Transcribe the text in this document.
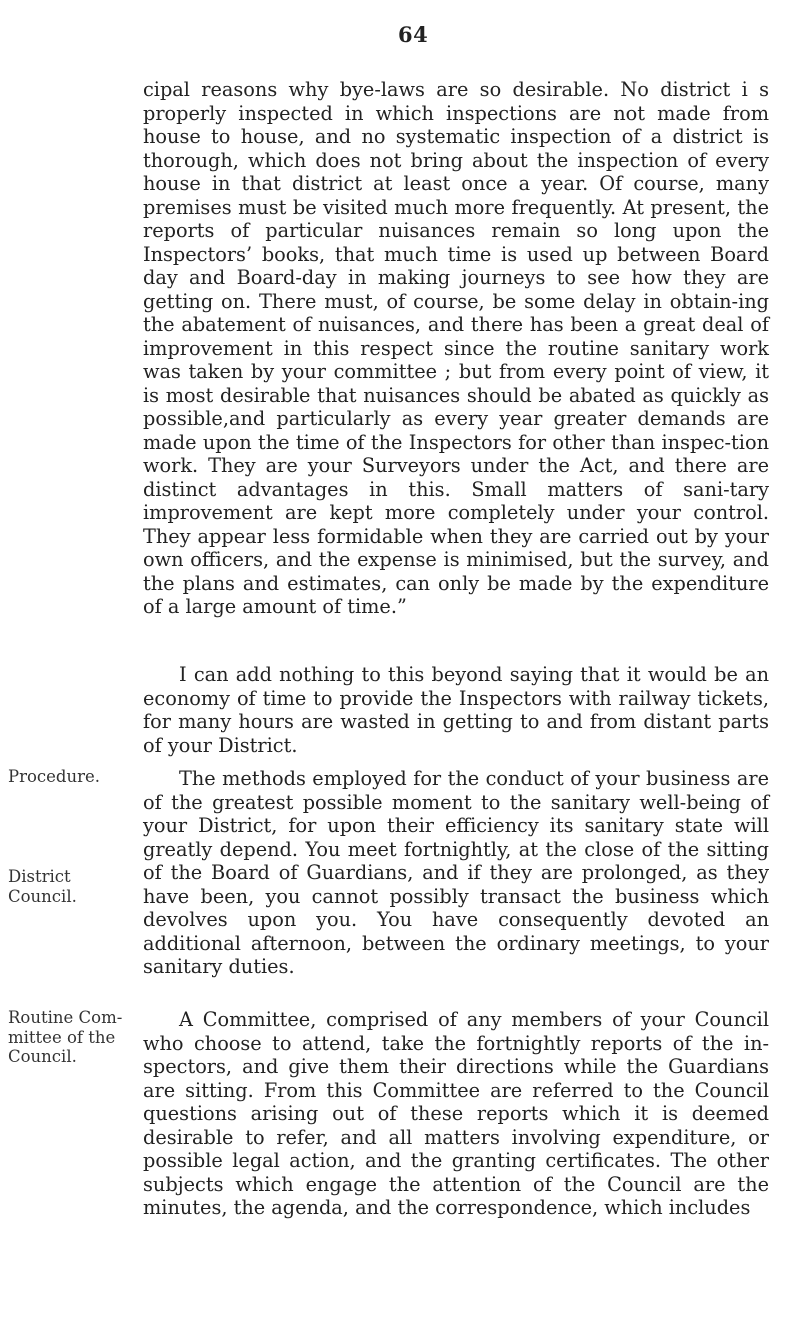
64

cipal reasons why bye-laws are so desirable. No district i s properly inspected in which inspections are not made from house to house, and no systematic inspection of a district is thorough, which does not bring about the inspection of every house in that district at least once a year. Of course, many premises must be visited much more frequently. At present, the reports of particular nuisances remain so long upon the Inspectors’ books, that much time is used up between Board day and Board-day in making journeys to see how they are getting on. There must, of course, be some delay in obtain-ing the abatement of nuisances, and there has been a great deal of improvement in this respect since the routine sanitary work was taken by your committee ; but from every point of view, it is most desirable that nuisances should be abated as quickly as possible,and particularly as every year greater demands are made upon the time of the Inspectors for other than inspec-tion work. They are your Surveyors under the Act, and there are distinct advantages in this. Small matters of sani-tary improvement are kept more completely under your control. They appear less formidable when they are carried out by your own officers, and the expense is minimised, but the survey, and the plans and estimates, can only be made by the expenditure of a large amount of time.”

I can add nothing to this beyond saying that it would be an economy of time to provide the Inspectors with railway tickets, for many hours are wasted in getting to and from distant parts of your District.

The methods employed for the conduct of your business are of the greatest possible moment to the sanitary well-being of your District, for upon their efficiency its sanitary state will greatly depend. You meet fortnightly, at the close of the sitting of the Board of Guardians, and if they are prolonged, as they have been, you cannot possibly transact the business which devolves upon you. You have consequently devoted an additional afternoon, between the ordinary meetings, to your sanitary duties.

A Committee, comprised of any members of your Council who choose to attend, take the fortnightly reports of the in-spectors, and give them their directions while the Guardians are sitting. From this Committee are referred to the Council questions arising out of these reports which it is deemed desirable to refer, and all matters involving expenditure, or possible legal action, and the granting certificates. The other subjects which engage the attention of the Council are the minutes, the agenda, and the correspondence, which includes

Procedure.
District Council.
Routine Com-mittee of the Council.
